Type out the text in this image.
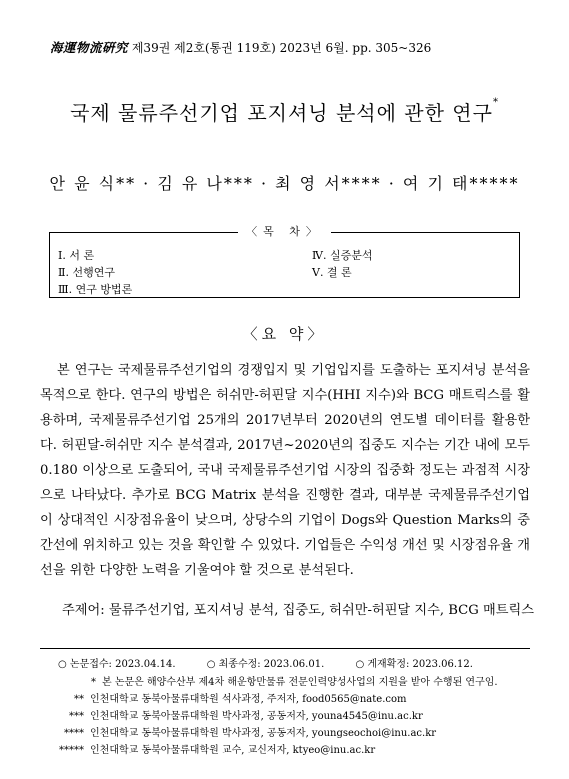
海運物流硏究 제39권 제2호(통권 119호) 2023년 6월. pp. 305~326
국제 물류주선기업 포지셔닝 분석에 관한 연구*
안 윤 식** · 김 유 나*** · 최 영 서**** · 여 기 태*****
〈목 차〉
Ⅰ. 서 론
Ⅱ. 선행연구
Ⅲ. 연구 방법론
Ⅳ. 실증분석
Ⅴ. 결 론
〈요 약〉

본 연구는 국제물류주선기업의 경쟁입지 및 기업입지를 도출하는 포지셔닝 분석을 목적으로 한다. 연구의 방법은 허쉬만-허핀달 지수(HHI 지수)와 BCG 매트릭스를 활용하며, 국제물류주선기업 25개의 2017년부터 2020년의 연도별 데이터를 활용한다. 허핀달-허쉬만 지수 분석결과, 2017년~2020년의 집중도 지수는 기간 내에 모두 0.180 이상으로 도출되어, 국내 국제물류주선기업 시장의 집중화 정도는 과점적 시장으로 나타났다. 추가로 BCG Matrix 분석을 진행한 결과, 대부분 국제물류주선기업이 상대적인 시장점유율이 낮으며, 상당수의 기업이 Dogs와 Question Marks의 중간선에 위치하고 있는 것을 확인할 수 있었다. 기업들은 수익성 개선 및 시장점유율 개선을 위한 다양한 노력을 기울여야 할 것으로 분석된다.

주제어: 물류주선기업, 포지셔닝 분석, 집중도, 허쉬만-허핀달 지수, BCG 매트릭스
○ 논문접수: 2023.04.14.	○ 최종수정: 2023.06.01.	○ 게재확정: 2023.06.12.
* 본 논문은 해양수산부 제4차 해운항만물류 전문인력양성사업의 지원을 받아 수행된 연구임.
** 인천대학교 동북아물류대학원 석사과정, 주저자, food0565@nate.com
*** 인천대학교 동북아물류대학원 박사과정, 공동저자, youna4545@inu.ac.kr
**** 인천대학교 동북아물류대학원 박사과정, 공동저자, youngseochoi@inu.ac.kr
***** 인천대학교 동북아물류대학원 교수, 교신저자, ktyeo@inu.ac.kr
